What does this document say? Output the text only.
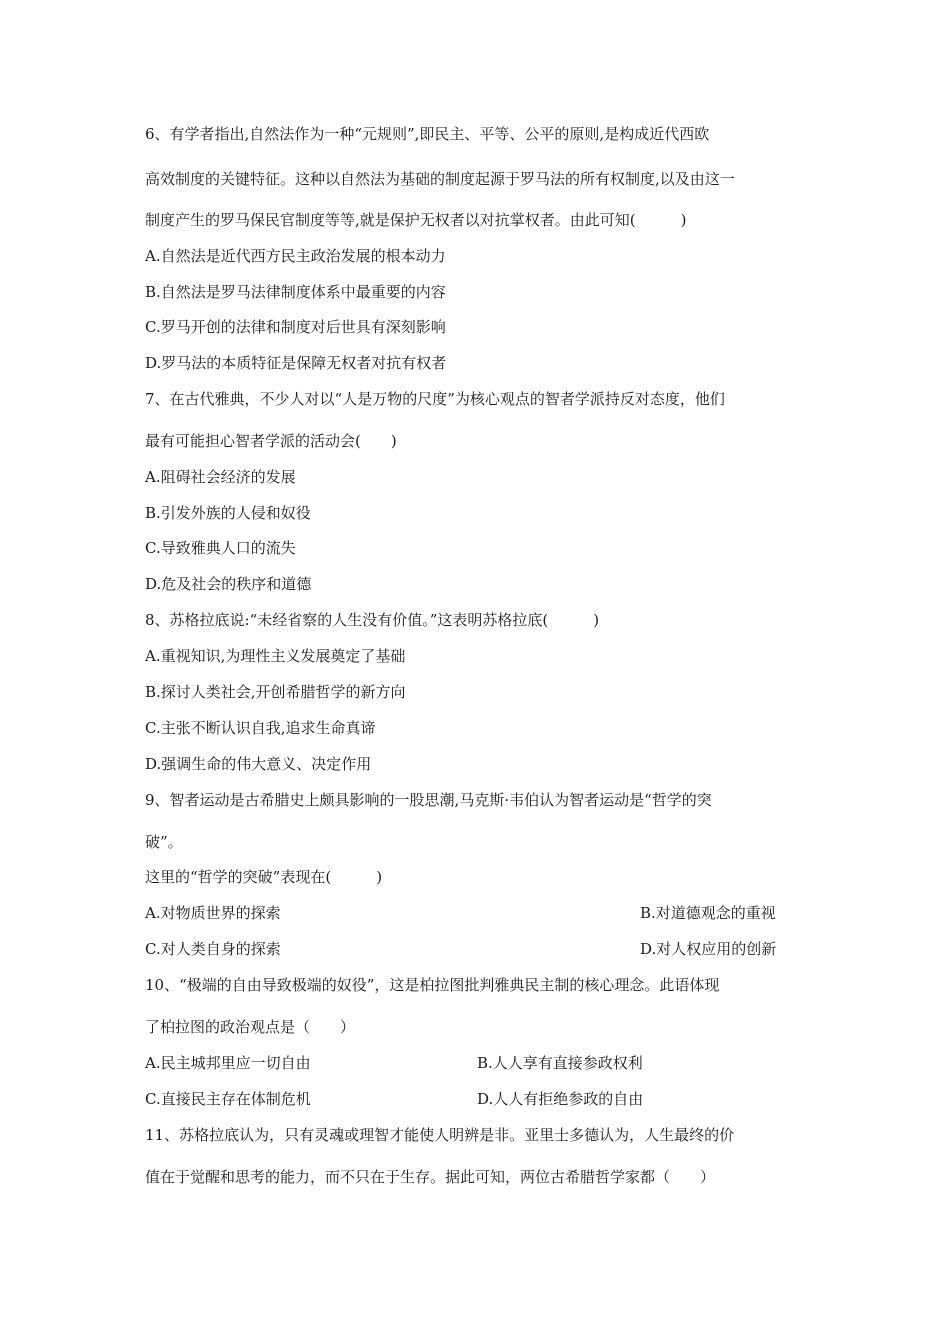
6、有学者指出,自然法作为一种“元规则”,即民主、平等、公平的原则,是构成近代西欧
高效制度的关键特征。这种以自然法为基础的制度起源于罗马法的所有权制度,以及由这一
制度产生的罗马保民官制度等等,就是保护无权者以对抗掌权者。由此可知(　　　)
A.自然法是近代西方民主政治发展的根本动力
B.自然法是罗马法律制度体系中最重要的内容
C.罗马开创的法律和制度对后世具有深刻影响
D.罗马法的本质特征是保障无权者对抗有权者
7、在古代雅典，不少人对以“人是万物的尺度”为核心观点的智者学派持反对态度，他们
最有可能担心智者学派的活动会(　　)
A.阻碍社会经济的发展
B.引发外族的人侵和奴役
C.导致雅典人口的流失
D.危及社会的秩序和道德
8、苏格拉底说:“未经省察的人生没有价值。”这表明苏格拉底(　　　)
A.重视知识,为理性主义发展奠定了基础
B.探讨人类社会,开创希腊哲学的新方向
C.主张不断认识自我,追求生命真谛
D.强调生命的伟大意义、决定作用
9、智者运动是古希腊史上颇具影响的一股思潮,马克斯·韦伯认为智者运动是“哲学的突
破”。
这里的“哲学的突破”表现在(　　　)
A.对物质世界的探索	B.对道德观念的重视
C.对人类自身的探索	D.对人权应用的创新
10、“极端的自由导致极端的奴役”，这是柏拉图批判雅典民主制的核心理念。此语体现
了柏拉图的政治观点是（　　）
A.民主城邦里应一切自由	B.人人享有直接参政权利
C.直接民主存在体制危机	D.人人有拒绝参政的自由
11、苏格拉底认为，只有灵魂或理智才能使人明辨是非。亚里士多德认为，人生最终的价
值在于觉醒和思考的能力，而不只在于生存。据此可知，两位古希腊哲学家都（　　）
